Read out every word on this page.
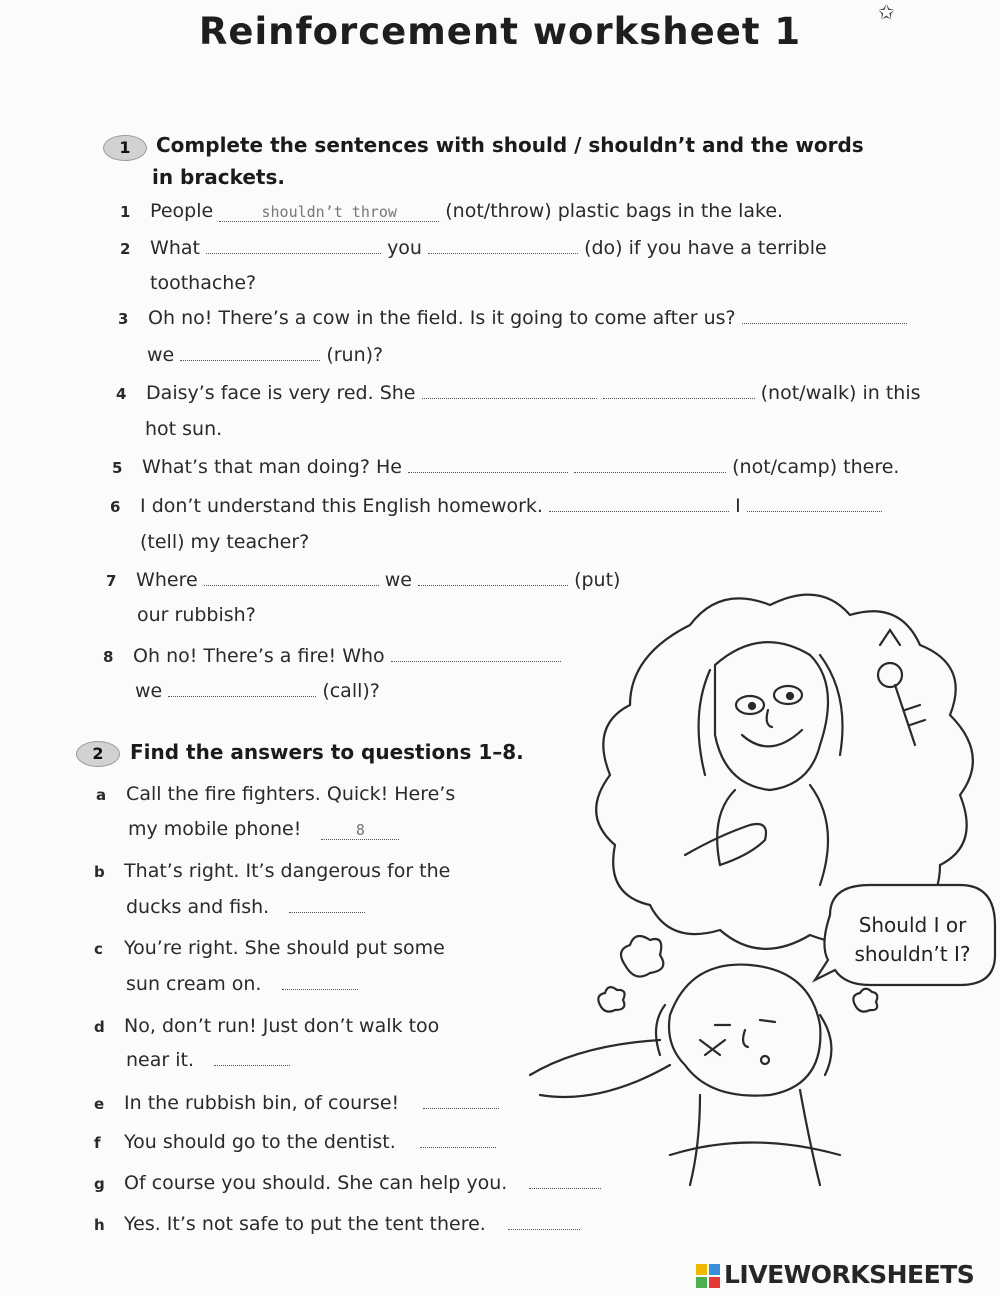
Reinforcement worksheet 1	✩
1	Complete the sentences with should / shouldn’t and the words
in brackets.
1 People	shouldn’t throw	(not/throw) plastic bags in the lake.
2 What	you	(do) if you have a terrible
toothache?
3 Oh no! There’s a cow in the field. Is it going to come after us?
we	(run)?
4 Daisy’s face is very red. She	(not/walk) in this
hot sun.
5 What’s that man doing? He	(not/camp) there.
6 I don’t understand this English homework.	I
(tell) my teacher?
7 Where	we	(put)
our rubbish?
8 Oh no! There’s a fire! Who
we	(call)?
Should I or
shouldn’t I?
2	Find the answers to questions 1–8.
a Call the fire fighters. Quick! Here’s
my mobile phone!	8
b That’s right. It’s dangerous for the
ducks and fish.
c You’re right. She should put some
sun cream on.
d No, don’t run! Just don’t walk too
near it.
e In the rubbish bin, of course!
f You should go to the dentist.
g Of course you should. She can help you.
h Yes. It’s not safe to put the tent there.
LIVEWORKSHEETS
